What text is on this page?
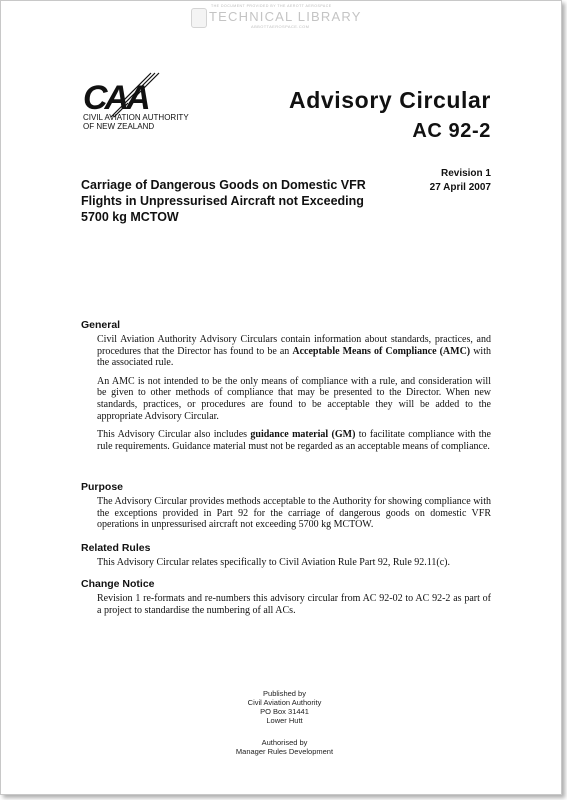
THE DOCUMENT PROVIDED BY THE AEROTT AEROSPACE
TECHNICAL LIBRARY
ABBOTTAEROSPACE.COM
CAA
CIVIL AVIATION AUTHORITY
OF NEW ZEALAND
Advisory Circular
AC 92-2
Revision 1
27 April 2007
Carriage of Dangerous Goods on Domestic VFR Flights in Unpressurised Aircraft not Exceeding 5700 kg MCTOW
General

Civil Aviation Authority Advisory Circulars contain information about standards, practices, and procedures that the Director has found to be an Acceptable Means of Compliance (AMC) with the associated rule.

An AMC is not intended to be the only means of compliance with a rule, and consideration will be given to other methods of compliance that may be presented to the Director. When new standards, practices, or procedures are found to be acceptable they will be added to the appropriate Advisory Circular.

This Advisory Circular also includes guidance material (GM) to facilitate compliance with the rule requirements. Guidance material must not be regarded as an acceptable means of compliance.

Purpose

The Advisory Circular provides methods acceptable to the Authority for showing compliance with the exceptions provided in Part 92 for the carriage of dangerous goods on domestic VFR operations in unpressurised aircraft not exceeding 5700 kg MCTOW.

Related Rules

This Advisory Circular relates specifically to Civil Aviation Rule Part 92, Rule 92.11(c).

Change Notice

Revision 1 re-formats and re-numbers this advisory circular from AC 92-02 to AC 92-2 as part of a project to standardise the numbering of all ACs.

Published by
Civil Aviation Authority
PO Box 31441
Lower Hutt
Authorised by
Manager Rules Development
